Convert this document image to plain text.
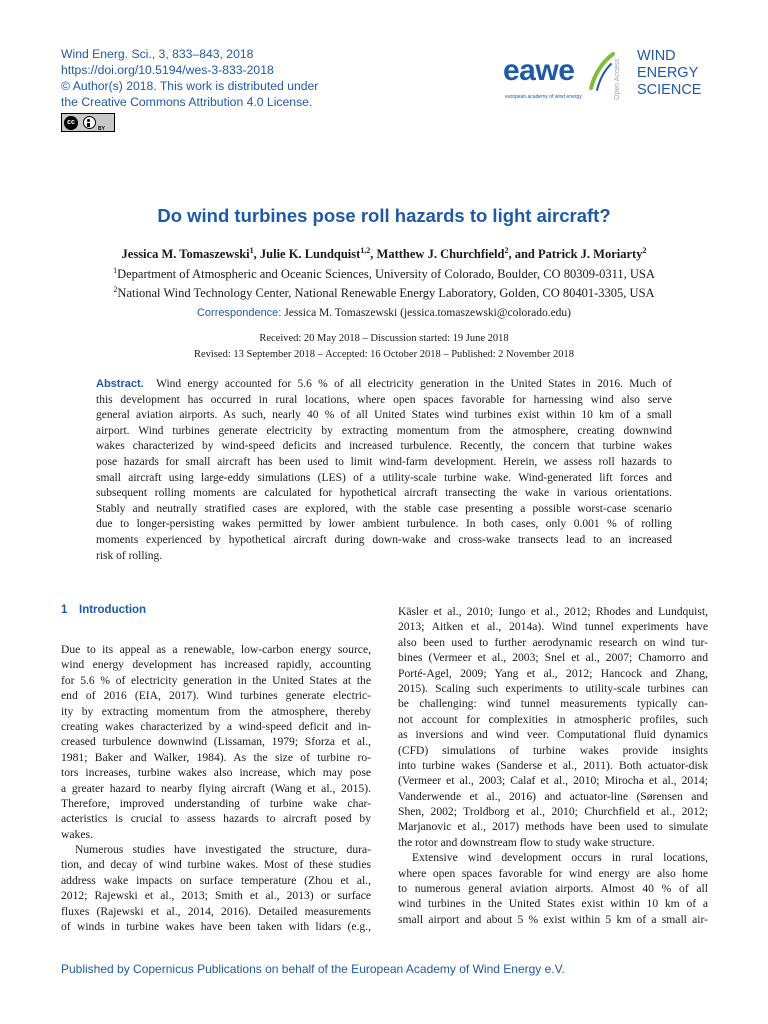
Wind Energ. Sci., 3, 833–843, 2018
https://doi.org/10.5194/wes-3-833-2018
© Author(s) 2018. This work is distributed under
the Creative Commons Attribution 4.0 License.
cc
BY
eawe
european academy of wind energy	Open Access
WIND
ENERGY
SCIENCE
Do wind turbines pose roll hazards to light aircraft?
Jessica M. Tomaszewski$^1$, Julie K. Lundquist$^{1,2}$, Matthew J. Churchfield$^2$, and Patrick J. Moriarty$^2$
$^1$Department of Atmospheric and Oceanic Sciences, University of Colorado, Boulder, CO 80309-0311, USA
$^2$National Wind Technology Center, National Renewable Energy Laboratory, Golden, CO 80401-3305, USA
Correspondence: Jessica M. Tomaszewski (jessica.tomaszewski@colorado.edu)
Received: 20 May 2018 – Discussion started: 19 June 2018
Revised: 13 September 2018 – Accepted: 16 October 2018 – Published: 2 November 2018
Abstract. Wind energy accounted for 5.6 % of all electricity generation in the United States in 2016. Much of
this development has occurred in rural locations, where open spaces favorable for harnessing wind also serve
general aviation airports. As such, nearly 40 % of all United States wind turbines exist within 10 km of a small
airport. Wind turbines generate electricity by extracting momentum from the atmosphere, creating downwind
wakes characterized by wind-speed deficits and increased turbulence. Recently, the concern that turbine wakes
pose hazards for small aircraft has been used to limit wind-farm development. Herein, we assess roll hazards to
small aircraft using large-eddy simulations (LES) of a utility-scale turbine wake. Wind-generated lift forces and
subsequent rolling moments are calculated for hypothetical aircraft transecting the wake in various orientations.
Stably and neutrally stratified cases are explored, with the stable case presenting a possible worst-case scenario
due to longer-persisting wakes permitted by lower ambient turbulence. In both cases, only 0.001 % of rolling
moments experienced by hypothetical aircraft during down-wake and cross-wake transects lead to an increased
risk of rolling.
1 Introduction
Due to its appeal as a renewable, low-carbon energy source,
wind energy development has increased rapidly, accounting
for 5.6 % of electricity generation in the United States at the
end of 2016 (EIA, 2017). Wind turbines generate electric-
ity by extracting momentum from the atmosphere, thereby
creating wakes characterized by a wind-speed deficit and in-
creased turbulence downwind (Lissaman, 1979; Sforza et al.,
1981; Baker and Walker, 1984). As the size of turbine ro-
tors increases, turbine wakes also increase, which may pose
a greater hazard to nearby flying aircraft (Wang et al., 2015).
Therefore, improved understanding of turbine wake char-
acteristics is crucial to assess hazards to aircraft posed by
wakes.
Numerous studies have investigated the structure, dura-
tion, and decay of wind turbine wakes. Most of these studies
address wake impacts on surface temperature (Zhou et al.,
2012; Rajewski et al., 2013; Smith et al., 2013) or surface
fluxes (Rajewski et al., 2014, 2016). Detailed measurements
of winds in turbine wakes have been taken with lidars (e.g.,
Käsler et al., 2010; Iungo et al., 2012; Rhodes and Lundquist,
2013; Aitken et al., 2014a). Wind tunnel experiments have
also been used to further aerodynamic research on wind tur-
bines (Vermeer et al., 2003; Snel et al., 2007; Chamorro and
Porté-Agel, 2009; Yang et al., 2012; Hancock and Zhang,
2015). Scaling such experiments to utility-scale turbines can
be challenging: wind tunnel measurements typically can-
not account for complexities in atmospheric profiles, such
as inversions and wind veer. Computational fluid dynamics
(CFD) simulations of turbine wakes provide insights
into turbine wakes (Sanderse et al., 2011). Both actuator-disk
(Vermeer et al., 2003; Calaf et al., 2010; Mirocha et al., 2014;
Vanderwende et al., 2016) and actuator-line (Sørensen and
Shen, 2002; Troldborg et al., 2010; Churchfield et al., 2012;
Marjanovic et al., 2017) methods have been used to simulate
the rotor and downstream flow to study wake structure.
Extensive wind development occurs in rural locations,
where open spaces favorable for wind energy are also home
to numerous general aviation airports. Almost 40 % of all
wind turbines in the United States exist within 10 km of a
small airport and about 5 % exist within 5 km of a small air-
Published by Copernicus Publications on behalf of the European Academy of Wind Energy e.V.
